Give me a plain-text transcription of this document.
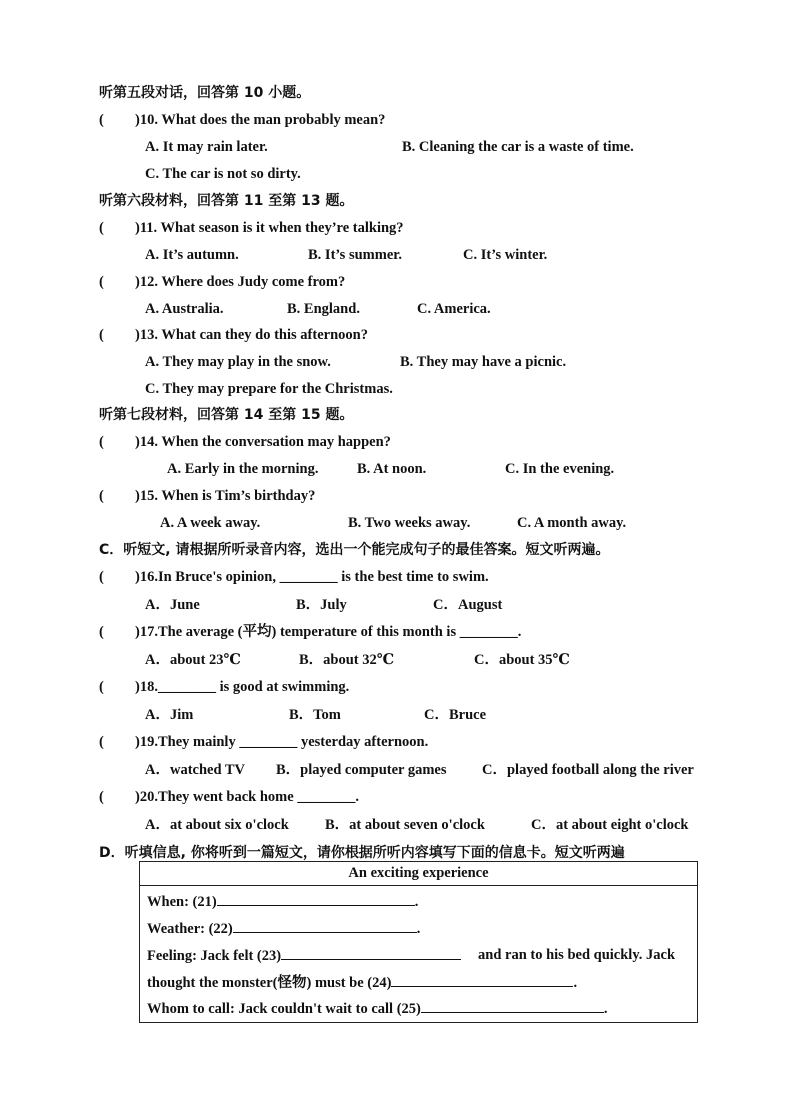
听第五段对话，回答第 10 小题。
( )10. What does the man probably mean?
A. It may rain later.	B. Cleaning the car is a waste of time.
C. The car is not so dirty.
听第六段材料，回答第 11 至第 13 题。
( )11. What season is it when they’re talking?
A. It’s autumn.	B. It’s summer.	C. It’s winter.
( )12. Where does Judy come from?
A. Australia.	B. England.	C. America.
( )13. What can they do this afternoon?
A. They may play in the snow.	B. They may have a picnic.
C. They may prepare for the Christmas.
听第七段材料，回答第 14 至第 15 题。
( )14. When the conversation may happen?
A. Early in the morning.	B. At noon.	C. In the evening.
( )15. When is Tim’s birthday?
A. A week away.	B. Two weeks away.	C. A month away.
C．听短文, 请根据所听录音内容，选出一个能完成句子的最佳答案。短文听两遍。
( )16.In Bruce's opinion, ________ is the best time to swim.
A．June	B．July	C．August
( )17.The average (平均) temperature of this month is ________.
A．about 23℃	B．about 32℃	C．about 35℃
( )18.________ is good at swimming.
A．Jim	B．Tom	C．Bruce
( )19.They mainly ________ yesterday afternoon.
A．watched TV B．played computer games C．played football along the river
( )20.They went back home ________.
A．at about six o'clock B．at about seven o'clock	C．at about eight o'clock
D．听填信息, 你将听到一篇短文，请你根据所听内容填写下面的信息卡。短文听两遍
An exciting experience
When: (21)	.
Weather: (22)	.
Feeling: Jack felt (23)	and ran to his bed quickly. Jack
thought the monster(怪物) must be (24)	.
Whom to call: Jack couldn't wait to call (25)	.
